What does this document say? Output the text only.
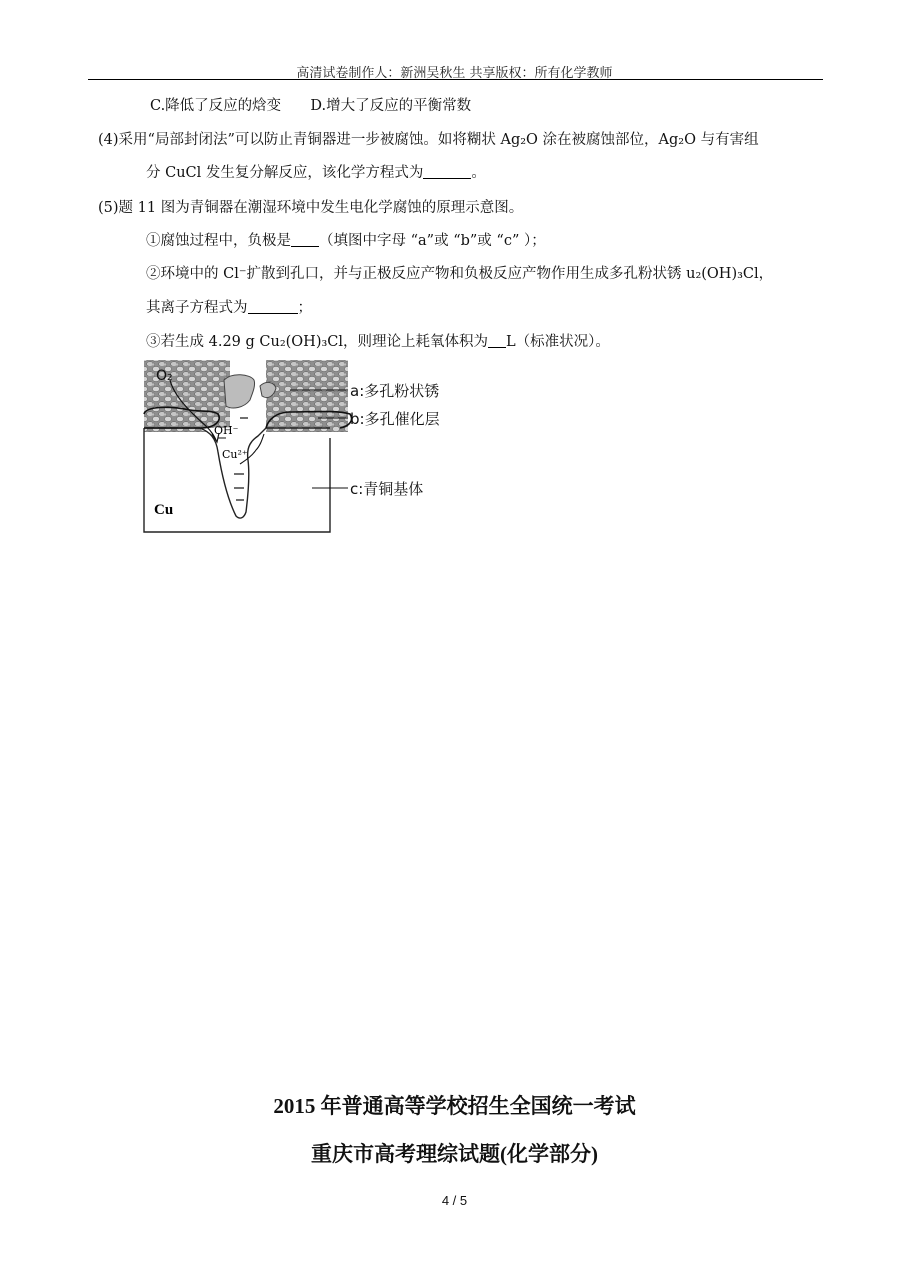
高清试卷制作人：新洲吴秋生 共享版权：所有化学教师
C.降低了反应的焓变 D.增大了反应的平衡常数
(4)采用“局部封闭法”可以防止青铜器进一步被腐蚀。如将糊状 Ag₂O 涂在被腐蚀部位，Ag₂O 与有害组
分 CuCl 发生复分解反应，该化学方程式为	。
(5)题 11 图为青铜器在潮湿环境中发生电化学腐蚀的原理示意图。
①腐蚀过程中，负极是 （填图中字母 “a”或 “b”或 “c” ）；
②环境中的 Cl⁻扩散到孔口，并与正极反应产物和负极反应产物作用生成多孔粉状锈 u₂(OH)₃Cl，
其离子方程式为	；
③若生成 4.29 g Cu₂(OH)₃Cl，则理论上耗氧体积为 L（标准状况）。
O₂
OH⁻
Cu²⁺
Cu
a:多孔粉状锈
b:多孔催化层
c:青铜基体
2015 年普通高等学校招生全国统一考试
重庆市高考理综试题(化学部分)
4 / 5
